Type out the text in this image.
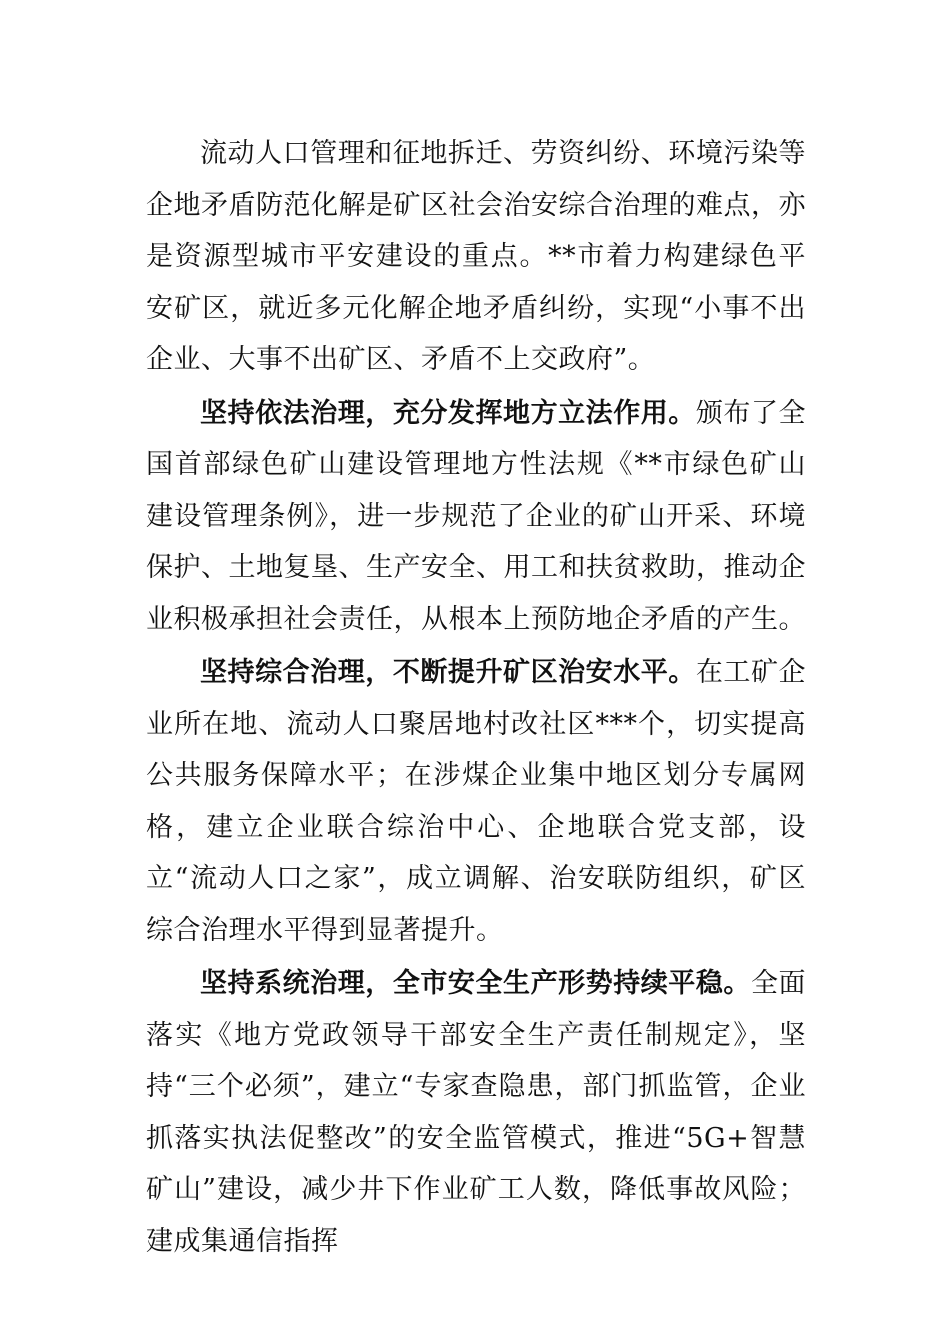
流动人口管理和征地拆迁、劳资纠纷、环境污染等企地矛盾防范化解是矿区社会治安综合治理的难点，亦是资源型城市平安建设的重点。**市着力构建绿色平安矿区，就近多元化解企地矛盾纠纷，实现“小事不出企业、大事不出矿区、矛盾不上交政府”。

坚持依法治理，充分发挥地方立法作用。颁布了全国首部绿色矿山建设管理地方性法规《**市绿色矿山建设管理条例》，进一步规范了企业的矿山开采、环境保护、土地复垦、生产安全、用工和扶贫救助，推动企业积极承担社会责任，从根本上预防地企矛盾的产生。

坚持综合治理，不断提升矿区治安水平。在工矿企业所在地、流动人口聚居地村改社区***个，切实提高公共服务保障水平；在涉煤企业集中地区划分专属网格，建立企业联合综治中心、企地联合党支部，设立“流动人口之家”，成立调解、治安联防组织，矿区综合治理水平得到显著提升。

坚持系统治理，全市安全生产形势持续平稳。全面落实《地方党政领导干部安全生产责任制规定》，坚持“三个必须”，建立“专家查隐患，部门抓监管，企业抓落实执法促整改”的安全监管模式，推进“5G+智慧矿山”建设，减少井下作业矿工人数，降低事故风险；建成集通信指挥
